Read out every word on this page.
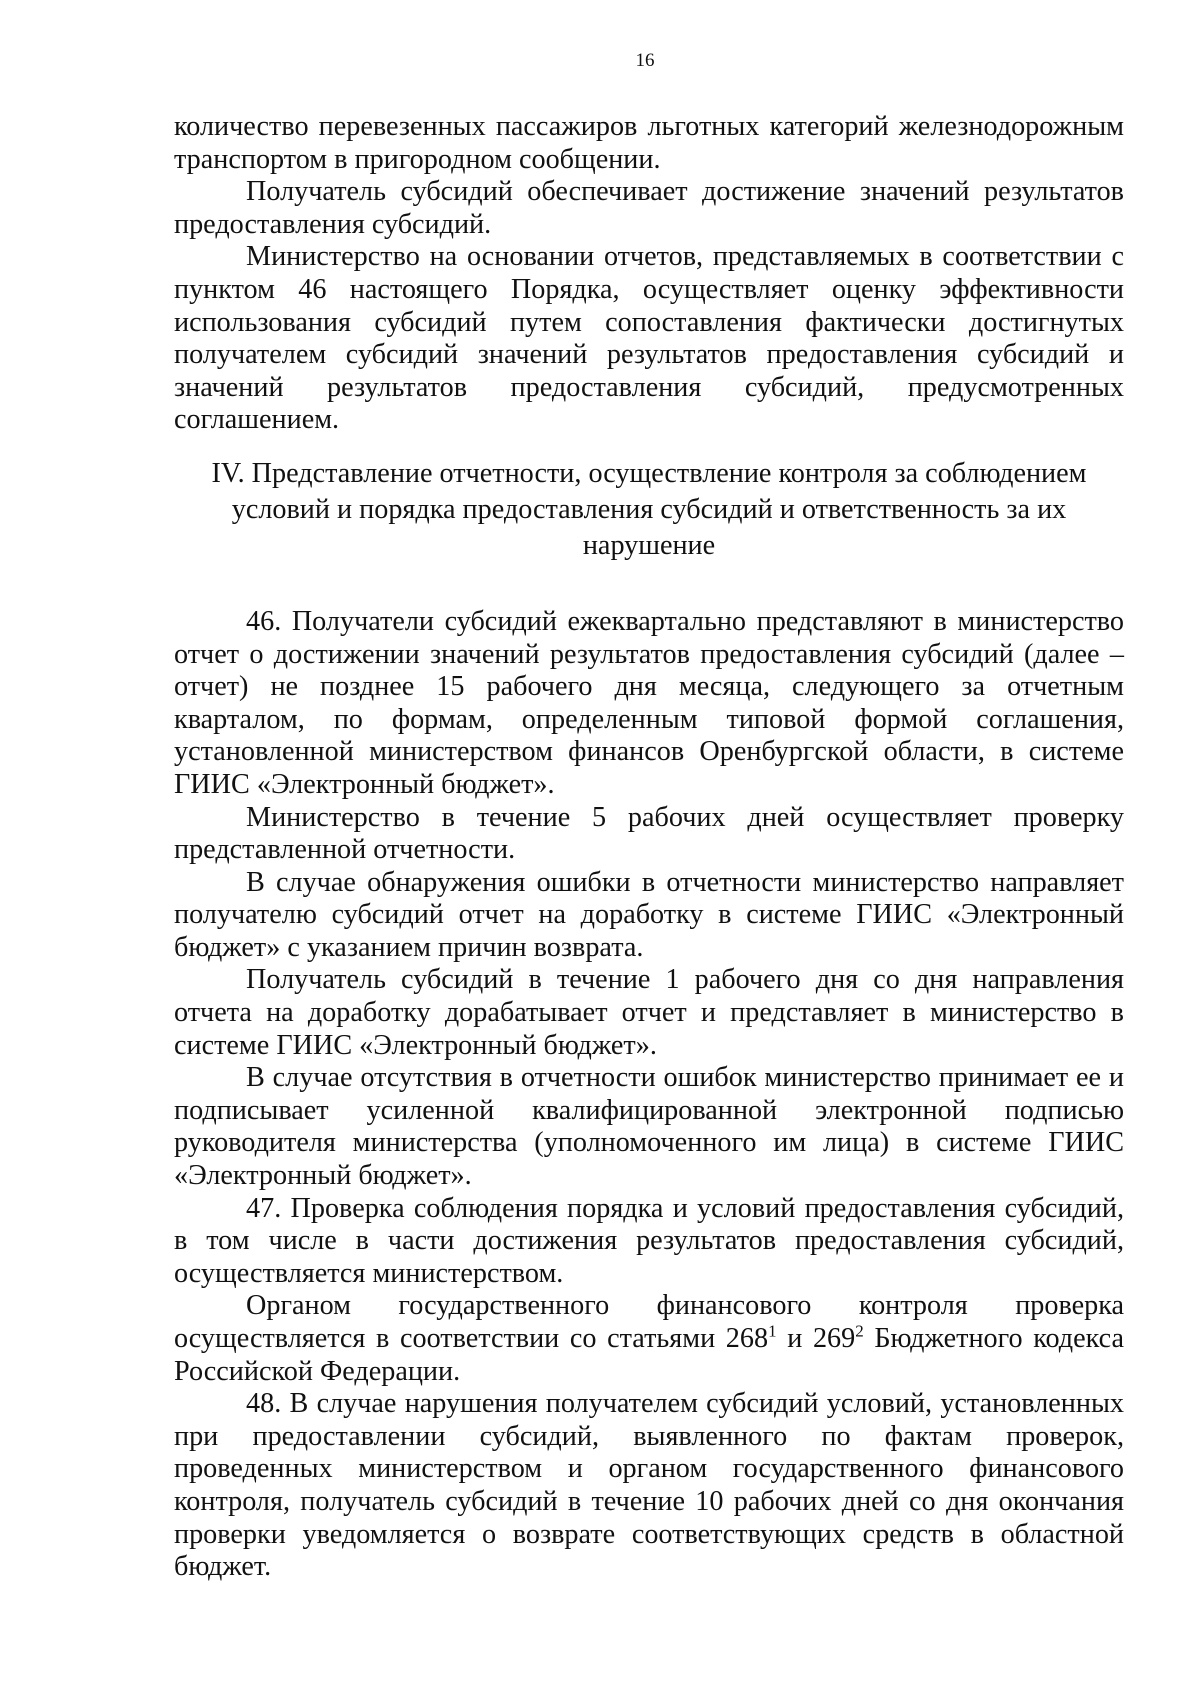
16

количество перевезенных пассажиров льготных категорий железнодорожным транспортом в пригородном сообщении.

Получатель субсидий обеспечивает достижение значений результатов предоставления субсидий.

Министерство на основании отчетов, представляемых в соответствии с пунктом 46 настоящего Порядка, осуществляет оценку эффективности использования субсидий путем сопоставления фактически достигнутых получателем субсидий значений результатов предоставления субсидий и значений результатов предоставления субсидий, предусмотренных соглашением.

IV. Представление отчетности, осуществление контроля за соблюдением
условий и порядка предоставления субсидий и ответственность за их
нарушение

46. Получатели субсидий ежеквартально представляют в министерство отчет о достижении значений результатов предоставления субсидий (далее – отчет) не позднее 15 рабочего дня месяца, следующего за отчетным кварталом, по формам, определенным типовой формой соглашения, установленной министерством финансов Оренбургской области, в системе ГИИС «Электронный бюджет».

Министерство в течение 5 рабочих дней осуществляет проверку представленной отчетности.

В случае обнаружения ошибки в отчетности министерство направляет получателю субсидий отчет на доработку в системе ГИИС «Электронный бюджет» с указанием причин возврата.

Получатель субсидий в течение 1 рабочего дня со дня направления отчета на доработку дорабатывает отчет и представляет в министерство в системе ГИИС «Электронный бюджет».

В случае отсутствия в отчетности ошибок министерство принимает ее и подписывает усиленной квалифицированной электронной подписью руководителя министерства (уполномоченного им лица) в системе ГИИС «Электронный бюджет».

47. Проверка соблюдения порядка и условий предоставления субсидий, в том числе в части достижения результатов предоставления субсидий, осуществляется министерством.

Органом государственного финансового контроля проверка осуществляется в соответствии со статьями $268^1$ и $269^2$ Бюджетного кодекса Российской Федерации.

48. В случае нарушения получателем субсидий условий, установленных при предоставлении субсидий, выявленного по фактам проверок, проведенных министерством и органом государственного финансового контроля, получатель субсидий в течение 10 рабочих дней со дня окончания проверки уведомляется о возврате соответствующих средств в областной бюджет.
